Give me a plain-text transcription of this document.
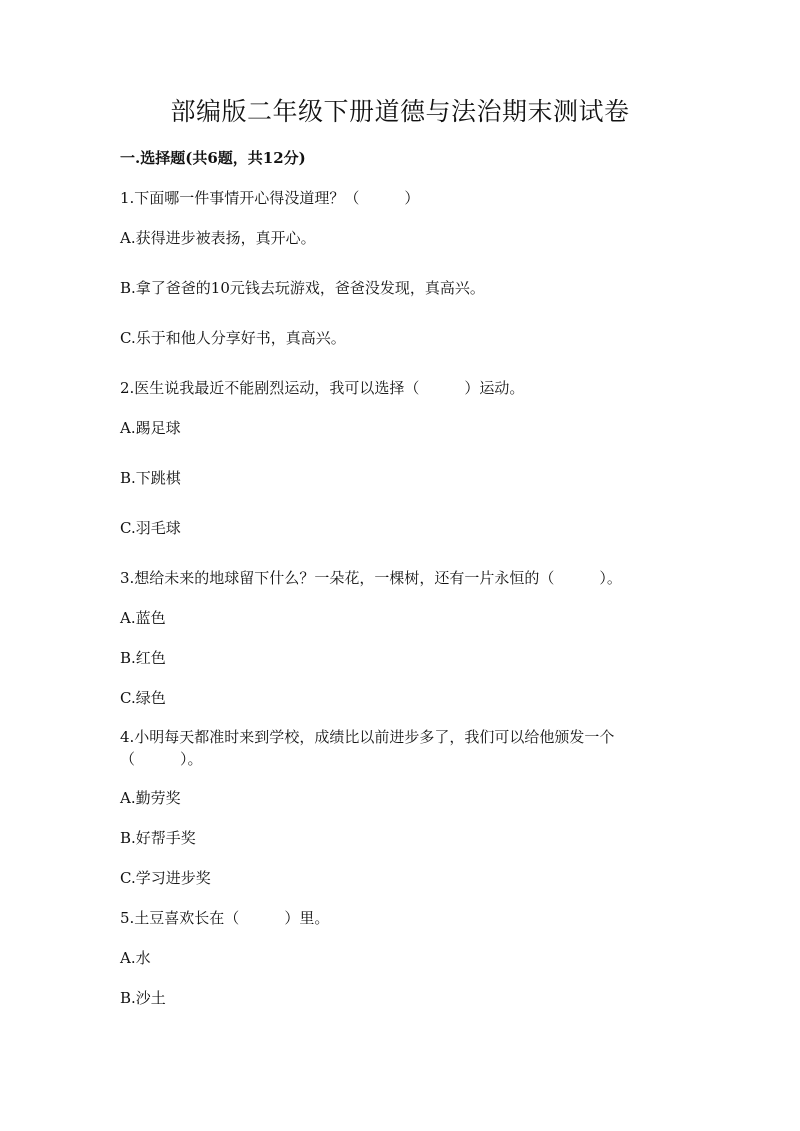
部编版二年级下册道德与法治期末测试卷
一.选择题(共6题，共12分)
1.下面哪一件事情开心得没道理？（　　　）
A.获得进步被表扬，真开心。
B.拿了爸爸的10元钱去玩游戏，爸爸没发现，真高兴。
C.乐于和他人分享好书，真高兴。
2.医生说我最近不能剧烈运动，我可以选择（　　　）运动。
A.踢足球
B.下跳棋
C.羽毛球
3.想给未来的地球留下什么？一朵花，一棵树，还有一片永恒的（　　　）。
A.蓝色
B.红色
C.绿色
4.小明每天都准时来到学校，成绩比以前进步多了，我们可以给他颁发一个（　　　）。
A.勤劳奖
B.好帮手奖
C.学习进步奖
5.土豆喜欢长在（　　　）里。
A.水
B.沙土
